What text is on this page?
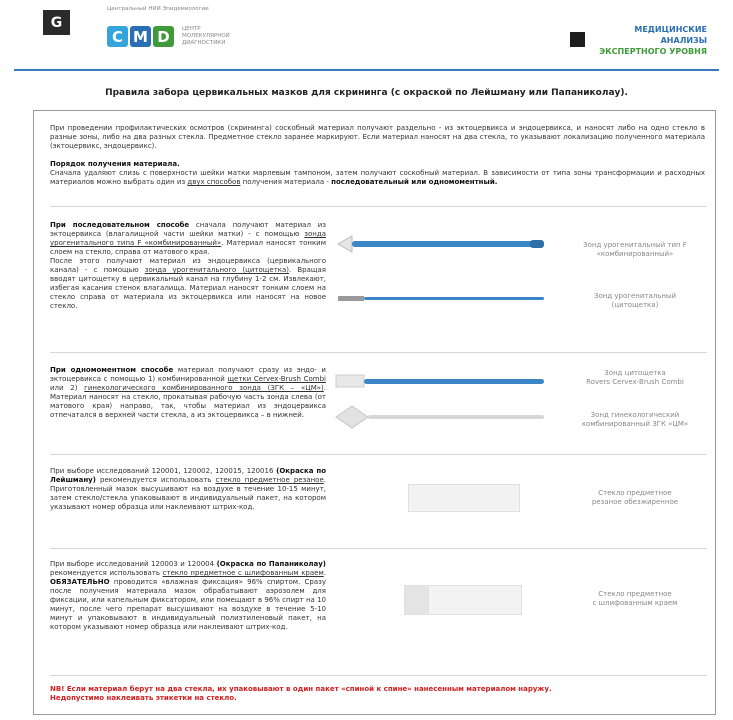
G
Центральный НИИ Эпидемиологии
C M D	ЦЕНТР
МОЛЕКУЛЯРНОЙ
ДИАГНОСТИКИ
МЕДИЦИНСКИЕ
АНАЛИЗЫ
ЭКСПЕРТНОГО УРОВНЯ
Правила забора цервикальных мазков для скрининга (с окраской по Лейшману или Папаниколау).
При проведении профилактических осмотров (скрининга) соскобный материал получают раздельно - из эктоцервикса и эндоцервикса, и наносят либо на одно стекло в разные зоны, либо на два разных стекла. Предметное стекло заранее маркируют. Если материал наносят на два стекла, то указывают локализацию полученного материала (эктоцервикс, эндоцервикс).
Порядок получения материала.
Сначала удаляют слизь с поверхности шейки матки марлевым тампоном, затем получают соскобный материал. В зависимости от типа зоны трансформации и расходных материалов можно выбрать один из двух способов получения материала - последовательный или одномоментный.
При последовательном способе сначала получают материал из эктоцервикса (влагалищной части шейки матки) - с помощью зонда урогенитального типа F «комбинированный». Материал наносят тонким слоем на стекло, справа от матового края.
После этого получают материал из эндоцервикса (цервикального канала) - с помощью зонда урогенитального (цитощетка). Вращая вводят цитощетку в цервикальный канал на глубину 1-2 см. Извлекают, избегая касания стенок влагалища. Материал наносят тонким слоем на стекло справа от материала из эктоцервикса или наносят на новое стекло.
Зонд урогенитальный тип F
«комбинированный»
Зонд урогенитальный
(цитощетка)
При одномоментном способе материал получают сразу из эндо- и эктоцервикса с помощью 1) комбинированной щетки Cervex-Brush Combi или 2) гинекологического комбинированного зонда (ЗГК – «ЦМ»). Материал наносят на стекло, прокатывая рабочую часть зонда слева (от матового края) направо, так, чтобы материал из эндоцервикса отпечатался в верхней части стекла, а из эктоцервикса – в нижней.
Зонд цитощетка
Rovers Cervex-Brush Combi
Зонд гинекологический
комбинированный ЗГК «ЦМ»
При выборе исследований 120001, 120002, 120015, 120016 (Окраска по Лейшману) рекомендуется использовать стекло предметное резаное. Приготовленный мазок высушивают на воздухе в течение 10-15 минут, затем стекло/стекла упаковывают в индивидуальный пакет, на котором указывают номер образца или наклеивают штрих-код.
Стекло предметное
резаное обезжиренное
При выборе исследований 120003 и 120004 (Окраска по Папаниколау) рекомендуется использовать стекло предметное с шлифованным краем. ОБЯЗАТЕЛЬНО проводится «влажная фиксация» 96% спиртом. Сразу после получения материала мазок обрабатывают аэрозолем для фиксации, или капельным фиксатором, или помещают в 96% спирт на 10 минут, после чего препарат высушивают на воздухе в течение 5-10 минут и упаковывают в индивидуальный полиэтиленовый пакет, на котором указывают номер образца или наклеивают штрих-код.
Стекло предметное
с шлифованным краем
NB! Если материал берут на два стекла, их упаковывают в один пакет «спиной к спине» нанесенным материалом наружу.
Недопустимо наклеивать этикетки на стекло.
